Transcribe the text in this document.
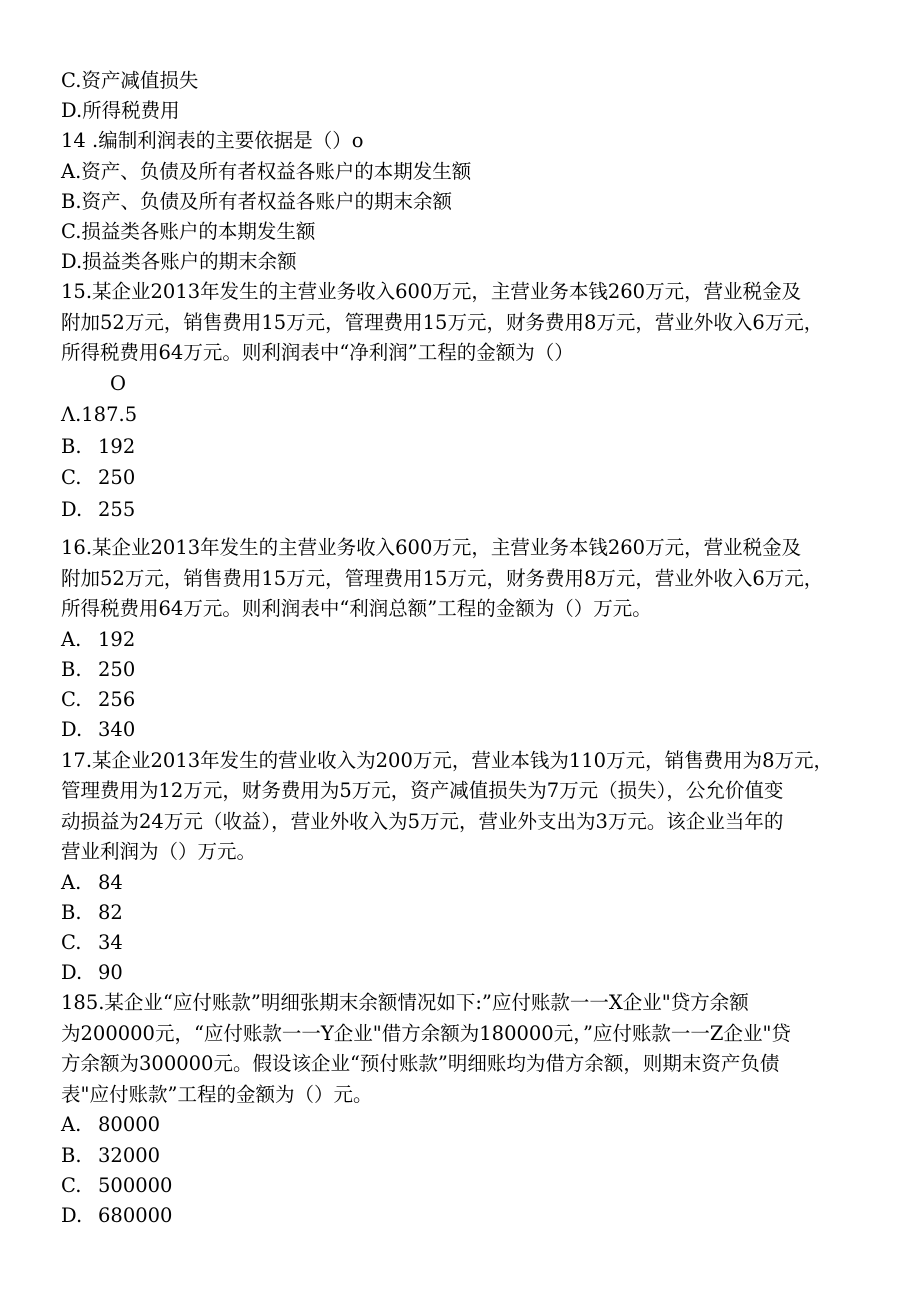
C.资产减值损失
D.所得税费用
14 .编制利润表的主要依据是（）o
A.资产、负债及所有者权益各账户的本期发生额
B.资产、负债及所有者权益各账户的期末余额
C.损益类各账户的本期发生额
D.损益类各账户的期末余额
15.某企业2013年发生的主营业务收入600万元，主营业务本钱260万元，营业税金及
附加52万元，销售费用15万元，管理费用15万元，财务费用8万元，营业外收入6万元，
所得税费用64万元。则利润表中“净利润”工程的金额为（）
O
Λ.187.5
B. 192
C. 250
D. 255
16.某企业2013年发生的主营业务收入600万元，主营业务本钱260万元，营业税金及
附加52万元，销售费用15万元，管理费用15万元，财务费用8万元，营业外收入6万元，
所得税费用64万元。则利润表中“利润总额”工程的金额为（）万元。
A. 192
B. 250
C. 256
D. 340
17.某企业2013年发生的营业收入为200万元，营业本钱为110万元，销售费用为8万元，
管理费用为12万元，财务费用为5万元，资产减值损失为7万元（损失），公允价值变
动损益为24万元（收益），营业外收入为5万元，营业外支出为3万元。该企业当年的
营业利润为（）万元。
A. 84
B. 82
C. 34
D. 90
185.某企业“应付账款”明细张期末余额情况如下:”应付账款一一X企业"贷方余额
为200000元，“应付账款一一Y企业"借方余额为180000元，”应付账款一一Z企业"贷
方余额为300000元。假设该企业“预付账款”明细账均为借方余额，则期末资产负债
表"应付账款”工程的金额为（）元。
A. 80000
B. 32000
C. 500000
D. 680000
